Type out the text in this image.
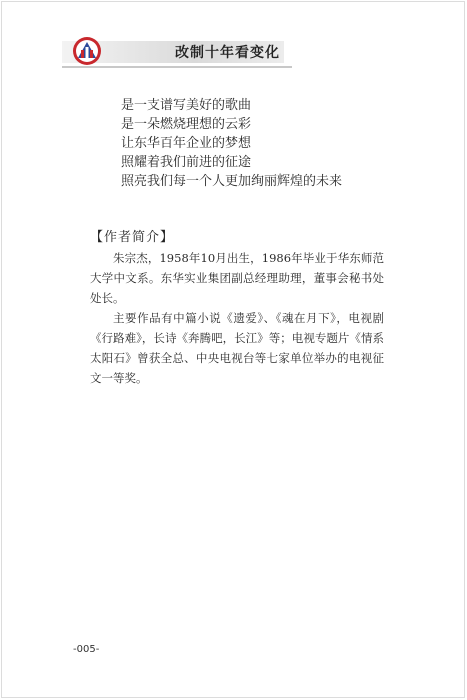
改制十年看变化
是一支谱写美好的歌曲
是一朵燃烧理想的云彩
让东华百年企业的梦想
照耀着我们前进的征途
照亮我们每一个人更加绚丽辉煌的未来
【作者简介】

朱宗杰，1958年10月出生，1986年毕业于华东师范大学中文系。东华实业集团副总经理助理，董事会秘书处处长。

主要作品有中篇小说《遗爱》、《魂在月下》，电视剧《行路难》，长诗《奔腾吧，长江》等；电视专题片《情系太阳石》曾获全总、中央电视台等七家单位举办的电视征文一等奖。

-005-
